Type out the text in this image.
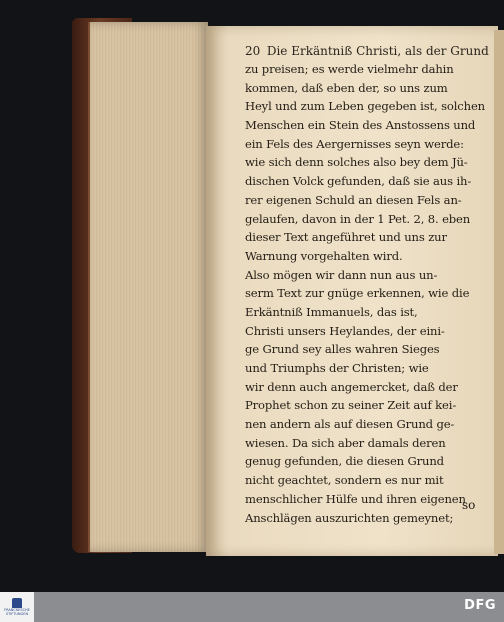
20 Die Erkäntniß Christi, als der Grund
zu preisen; es werde vielmehr dahin
kommen, daß eben der, so uns zum
Heyl und zum Leben gegeben ist, solchen
Menschen ein Stein des Anstossens und
ein Fels des Aergernisses seyn werde:
wie sich denn solches also bey dem Jü-
dischen Volck gefunden, daß sie aus ih-
rer eigenen Schuld an diesen Fels an-
gelaufen, davon in der 1 Pet. 2, 8. eben
dieser Text angeführet und uns zur
Warnung vorgehalten wird.
Also mögen wir dann nun aus un-
serm Text zur gnüge erkennen, wie die
Erkäntniß Immanuels, das ist,
Christi unsers Heylandes, der eini-
ge Grund sey alles wahren Sieges
und Triumphs der Christen; wie
wir denn auch angemercket, daß der
Prophet schon zu seiner Zeit auf kei-
nen andern als auf diesen Grund ge-
wiesen. Da sich aber damals deren
genug gefunden, die diesen Grund
nicht geachtet, sondern es nur mit
menschlicher Hülfe und ihren eigenen
Anschlägen auszurichten gemeynet;
so
FRANCKESCHE STIFTUNGEN
DFG
